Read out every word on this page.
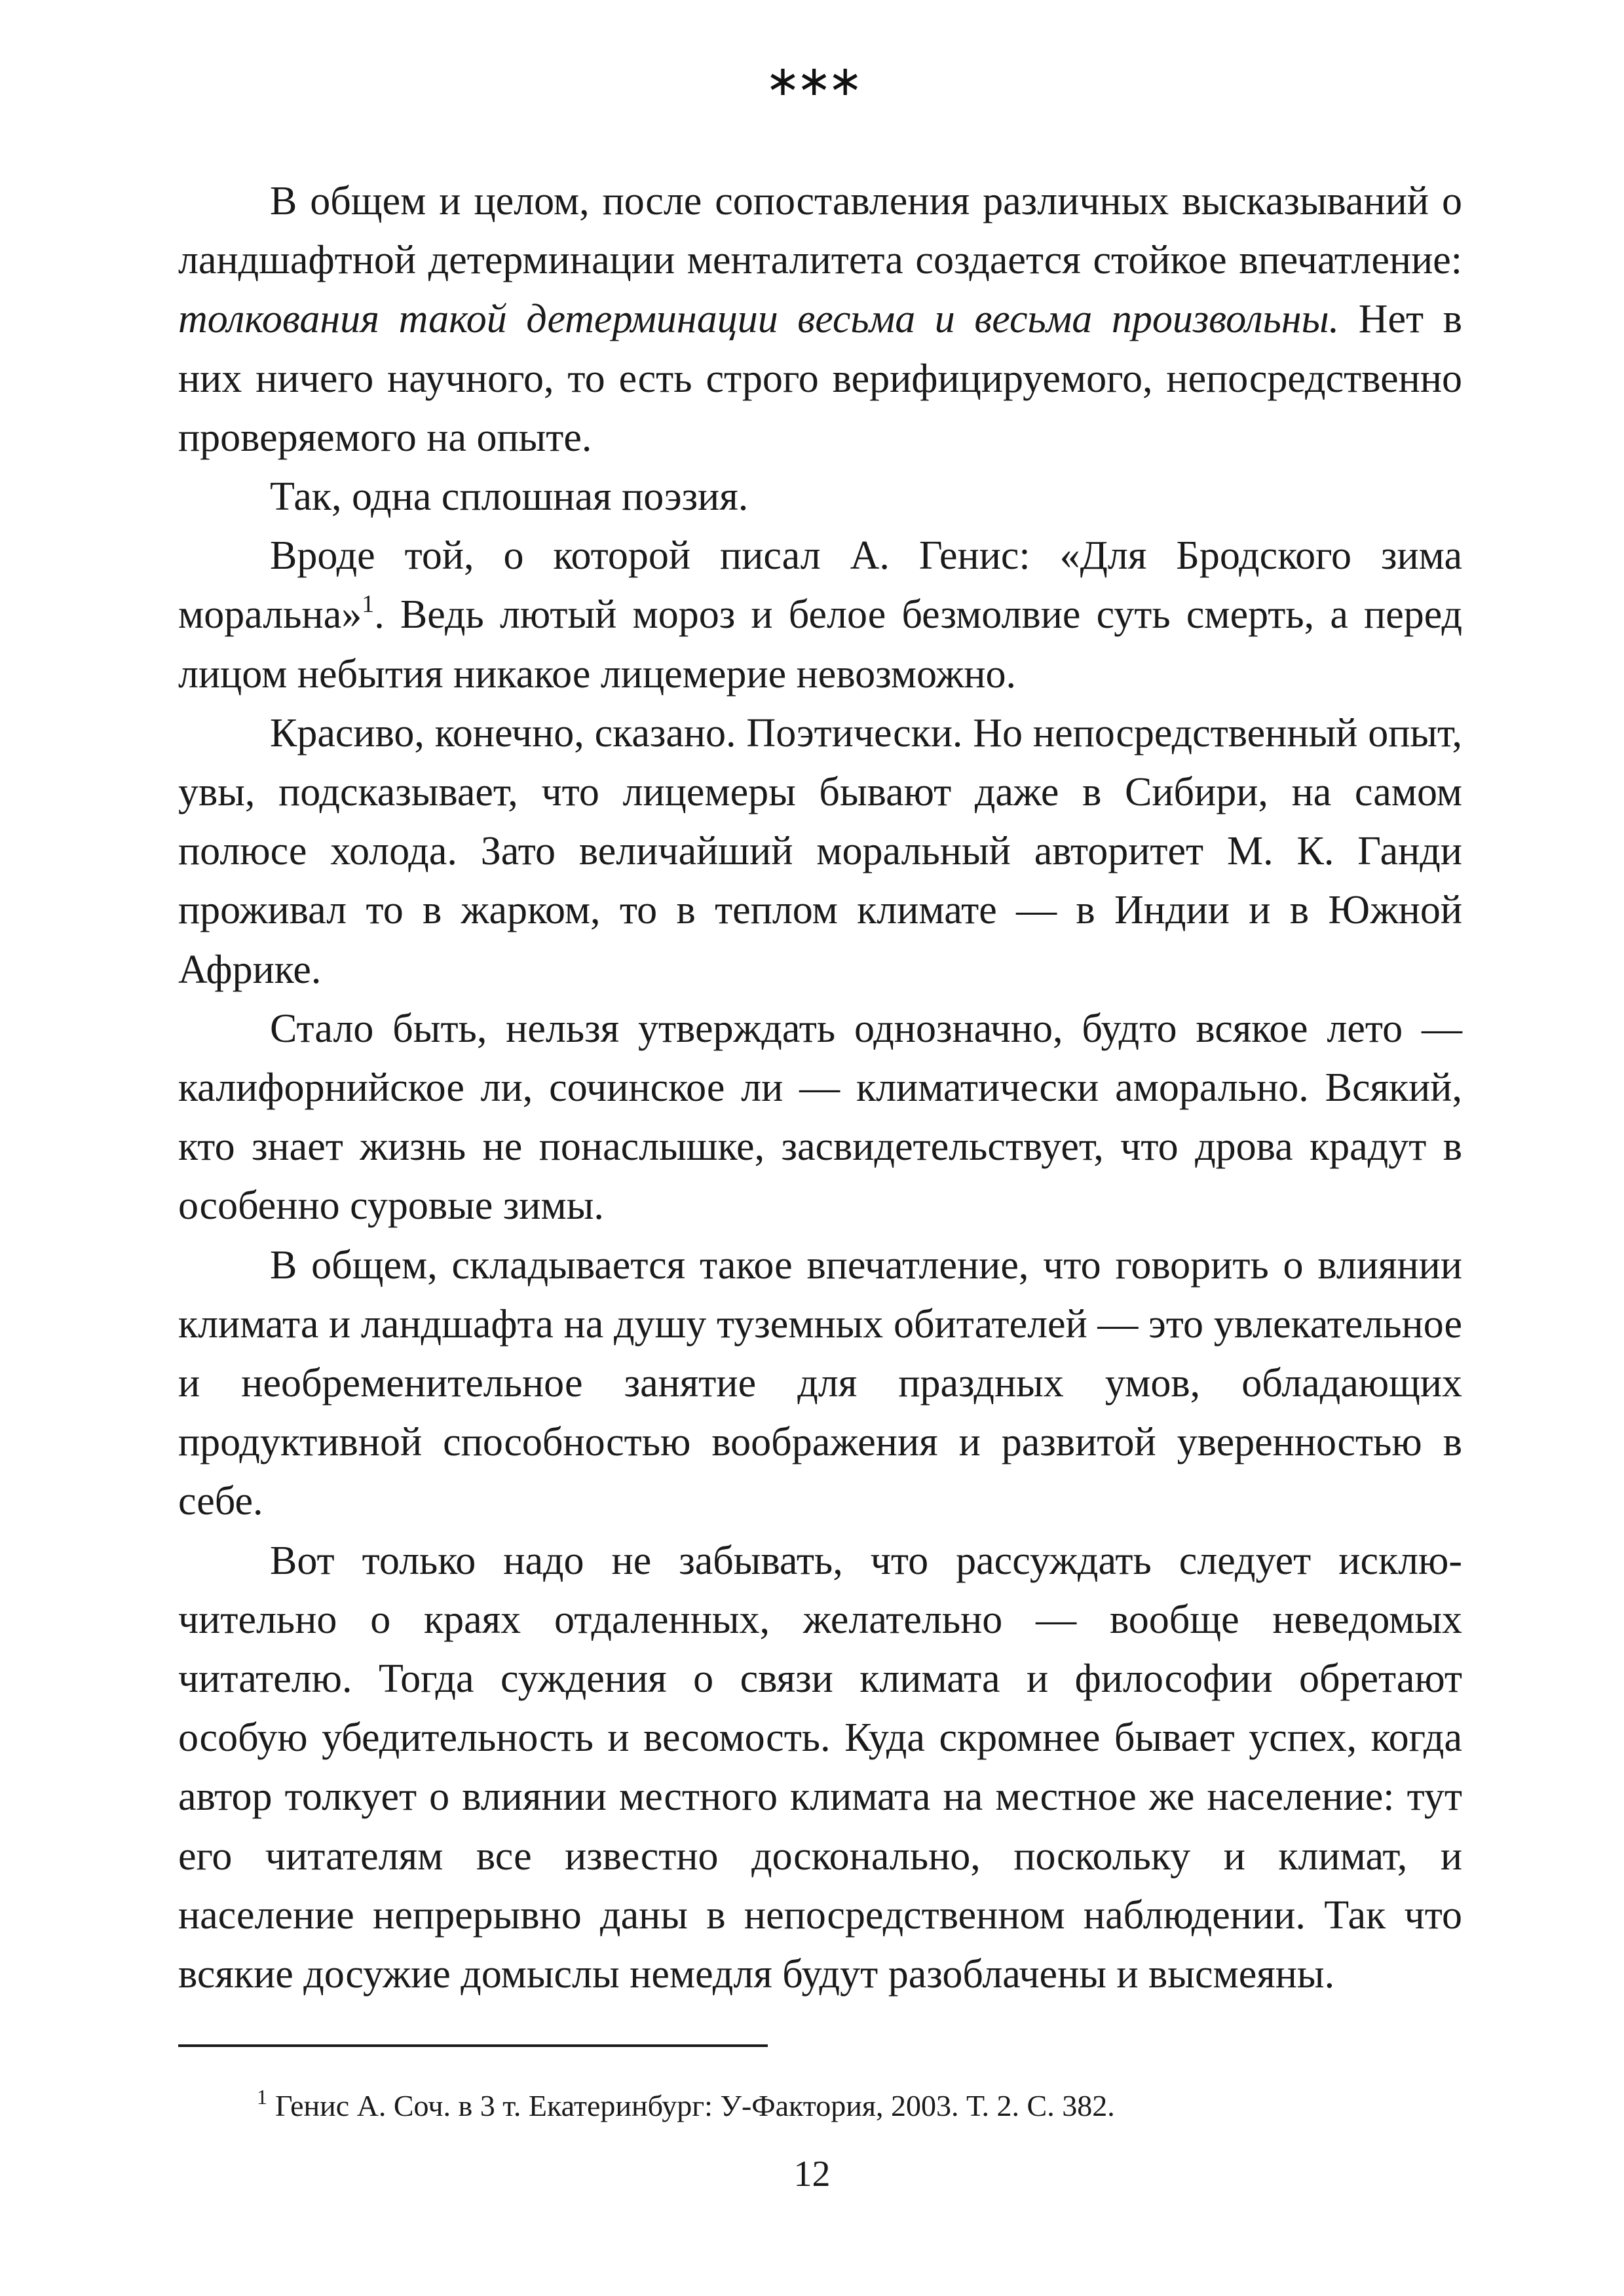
∗∗∗

В общем и целом, после сопоставления различных высказываний о ландшафтной детерминации менталитета создается стойкое впечатление: толкования такой детерминации весьма и весьма произвольны. Нет в них ничего научного, то есть строго верифицируемого, непосредственно проверяемого на опыте.

Так, одна сплошная поэзия.

Вроде той, о которой писал А. Генис: «Для Бродского зима моральна»$^1$. Ведь лютый мороз и белое безмолвие суть смерть, а перед лицом небытия никакое лицемерие невозможно.

Красиво, конечно, сказано. Поэтически. Но непосредственный опыт, увы, подсказывает, что лицемеры бывают даже в Сибири, на самом полюсе холода. Зато величайший моральный авторитет М. К. Ганди проживал то в жарком, то в теплом климате — в Индии и в Южной Африке.

Стало быть, нельзя утверждать однозначно, будто всякое лето — калифорнийское ли, сочинское ли — климатически аморально. Всякий, кто знает жизнь не понаслышке, засвидетельствует, что дрова крадут в особенно суровые зимы.

В общем, складывается такое впечатление, что говорить о влиянии климата и ландшафта на душу туземных обитателей — это увлекательное и необременительное занятие для праздных умов, обладающих продуктивной способностью воображения и развитой уверенностью в себе.

Вот только надо не забывать, что рассуждать следует исключительно о краях отдаленных, желательно — вообще неведомых читателю. Тогда суждения о связи климата и философии обретают особую убедительность и весомость. Куда скромнее бывает успех, когда автор толкует о влиянии местного климата на местное же население: тут его читателям все известно досконально, поскольку и климат, и население непрерывно даны в непосредственном наблюдении. Так что всякие досужие домыслы немедля будут разоблачены и высмеяны.

$^1$ Генис А. Соч. в 3 т. Екатеринбург: У-Фактория, 2003. Т. 2. С. 382.
12
